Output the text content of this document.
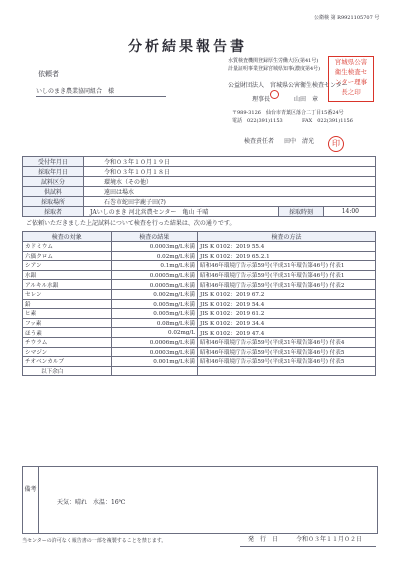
公衛検 第 R9921105707 号
分析結果報告書
依頼者
いしのまき農業協同組合　様
水質検査機関登録厚生労働大臣(第41号)
計量証明事業登録宮城県知事(濃度第4号)
公益財団法人 宮城県公害衛生検査センター
理事長	山田　章
〒989-3126　仙台市青葉区落合二丁目15番24号
電話　022(391)1153	FAX　022(391)1156
検査責任者 田中　清光
宮城県公害
衛生検査セ
ンター理事
長之印
印
受付年月日	令和０３年１０月１９日		
採取年月日	令和０３年１０月１８日		
試料区分	環境水（その他）		
供試料	遠田は場水		
採取場所	石巻市蛇田字鹿子田(?)		
採取者	JAいしのまき 河北営農センター　亀山 千晴	採取時刻	14:00
ご依頼いただきました上記試料について検査を行った結果は、次の通りです。
検査の対象	検査の結果	検査の方法
カドミウム	0.0003mg/L未満	JIS K 0102：2019 55.4
六価クロム	0.02mg/L未満	JIS K 0102：2019 65.2.1
シアン	0.1mg/L未満	昭和46年環境庁告示第59号(平成31年環告第46号) 付表1
水銀	0.0005mg/L未満	昭和46年環境庁告示第59号(平成31年環告第46号) 付表1
アルキル水銀	0.0005mg/L未満	昭和46年環境庁告示第59号(平成31年環告第46号) 付表2
セレン	0.002mg/L未満	JIS K 0102：2019 67.2
鉛	0.005mg/L未満	JIS K 0102：2019 54.4
ヒ素	0.005mg/L未満	JIS K 0102：2019 61.2
フッ素	0.08mg/L未満	JIS K 0102：2019 34.4
ほう素	0.02mg/L	JIS K 0102：2019 47.4
チウラム	0.0006mg/L未満	昭和46年環境庁告示第59号(平成31年環告第46号) 付表4
シマジン	0.0003mg/L未満	昭和46年環境庁告示第59号(平成31年環告第46号) 付表5
チオベンカルブ	0.001mg/L未満	昭和46年環境庁告示第59号(平成31年環告第46号) 付表5
以下余白		
備考
天気：晴れ　水温：16℃
当センターの許可なく報告書の一部を複製することを禁じます。	発　行　日	令和０３年１１月０２日
